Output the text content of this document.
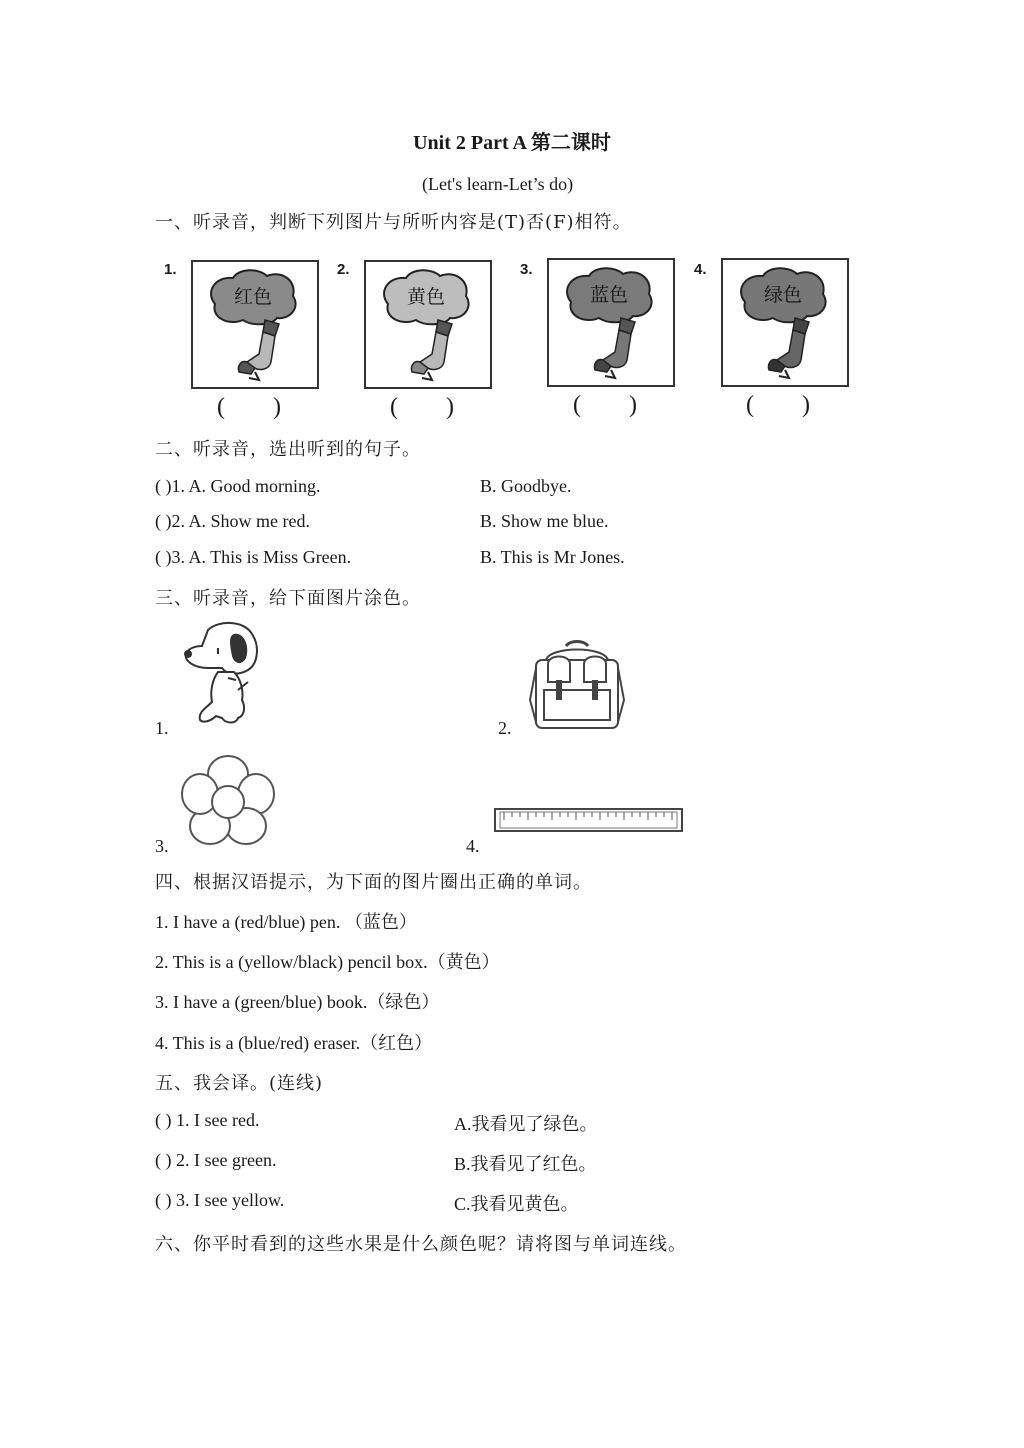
Unit 2 Part A 第二课时
(Let's learn-Let’s do)
一、听录音，判断下列图片与所听内容是(T)否(F)相符。
1.	2.	3.	4.
红色	黄色	蓝色	绿色
(        )	(        )	(        )	(        )
二、听录音，选出听到的句子。
( )1. A. Good morning.	B. Goodbye.
( )2. A. Show me red.	B. Show me blue.
( )3. A. This is Miss Green.	B. This is Mr Jones.
三、听录音，给下面图片涂色。
1.	2.
3.	4.
四、根据汉语提示，为下面的图片圈出正确的单词。
1. I have a (red/blue) pen. （蓝色）
2. This is a (yellow/black) pencil box.（黄色）
3. I have a (green/blue) book.（绿色）
4. This is a (blue/red) eraser.（红色）
五、我会译。(连线)
( ) 1. I see red.	A.我看见了绿色。
( ) 2. I see green.	B.我看见了红色。
( ) 3. I see yellow.	C.我看见黄色。
六、你平时看到的这些水果是什么颜色呢？请将图与单词连线。
